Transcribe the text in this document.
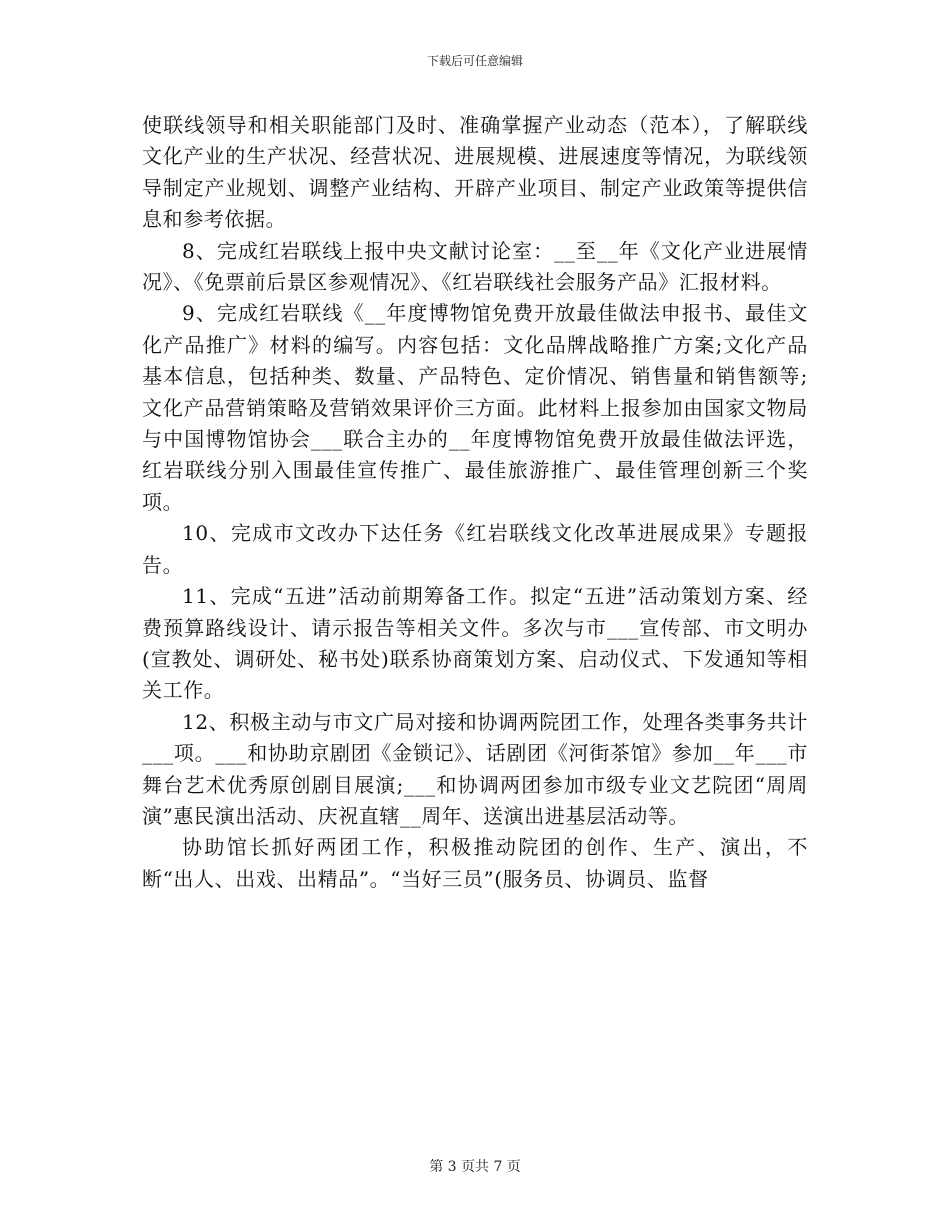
下载后可任意编辑

使联线领导和相关职能部门及时、准确掌握产业动态（范本），了解联线文化产业的生产状况、经营状况、进展规模、进展速度等情况，为联线领导制定产业规划、调整产业结构、开辟产业项目、制定产业政策等提供信息和参考依据。

8、完成红岩联线上报中央文献讨论室：__至__年《文化产业进展情况》、《免票前后景区参观情况》、《红岩联线社会服务产品》汇报材料。

9、完成红岩联线《__年度博物馆免费开放最佳做法申报书、最佳文化产品推广》材料的编写。内容包括：文化品牌战略推广方案;文化产品基本信息，包括种类、数量、产品特色、定价情况、销售量和销售额等;文化产品营销策略及营销效果评价三方面。此材料上报参加由国家文物局与中国博物馆协会___联合主办的__年度博物馆免费开放最佳做法评选，红岩联线分别入围最佳宣传推广、最佳旅游推广、最佳管理创新三个奖项。

10、完成市文改办下达任务《红岩联线文化改革进展成果》专题报告。

11、完成“五进”活动前期筹备工作。拟定“五进”活动策划方案、经费预算路线设计、请示报告等相关文件。多次与市___宣传部、市文明办(宣教处、调研处、秘书处)联系协商策划方案、启动仪式、下发通知等相关工作。

12、积极主动与市文广局对接和协调两院团工作，处理各类事务共计___项。___和协助京剧团《金锁记》、话剧团《河街茶馆》参加__年___市舞台艺术优秀原创剧目展演;___和协调两团参加市级专业文艺院团“周周演”惠民演出活动、庆祝直辖__周年、送演出进基层活动等。

协助馆长抓好两团工作，积极推动院团的创作、生产、演出，不断“出人、出戏、出精品”。“当好三员”(服务员、协调员、监督

第 3 页共 7 页
